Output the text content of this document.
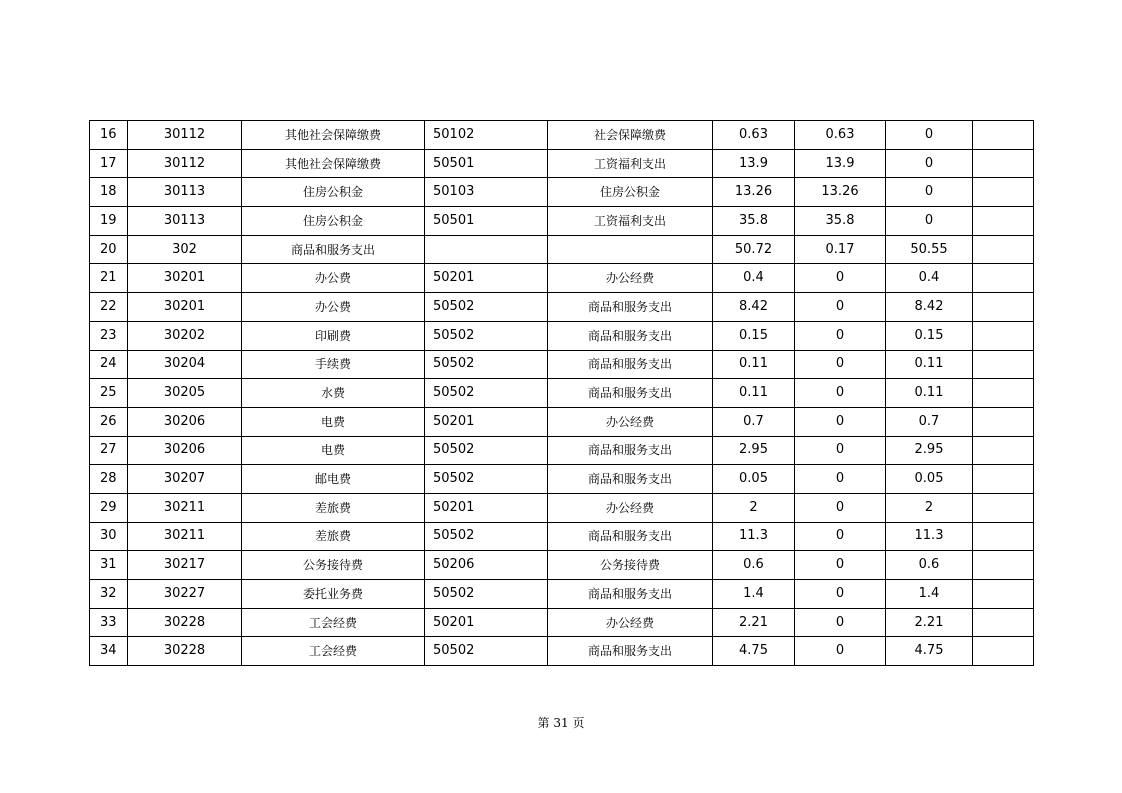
16	30112	其他社会保障缴费	50102	社会保障缴费	0.63	0.63	0	
17	30112	其他社会保障缴费	50501	工资福利支出	13.9	13.9	0	
18	30113	住房公积金	50103	住房公积金	13.26	13.26	0	
19	30113	住房公积金	50501	工资福利支出	35.8	35.8	0	
20	302	商品和服务支出			50.72	0.17	50.55	
21	30201	办公费	50201	办公经费	0.4	0	0.4	
22	30201	办公费	50502	商品和服务支出	8.42	0	8.42	
23	30202	印刷费	50502	商品和服务支出	0.15	0	0.15	
24	30204	手续费	50502	商品和服务支出	0.11	0	0.11	
25	30205	水费	50502	商品和服务支出	0.11	0	0.11	
26	30206	电费	50201	办公经费	0.7	0	0.7	
27	30206	电费	50502	商品和服务支出	2.95	0	2.95	
28	30207	邮电费	50502	商品和服务支出	0.05	0	0.05	
29	30211	差旅费	50201	办公经费	2	0	2	
30	30211	差旅费	50502	商品和服务支出	11.3	0	11.3	
31	30217	公务接待费	50206	公务接待费	0.6	0	0.6	
32	30227	委托业务费	50502	商品和服务支出	1.4	0	1.4	
33	30228	工会经费	50201	办公经费	2.21	0	2.21	
34	30228	工会经费	50502	商品和服务支出	4.75	0	4.75	
第 31 页
